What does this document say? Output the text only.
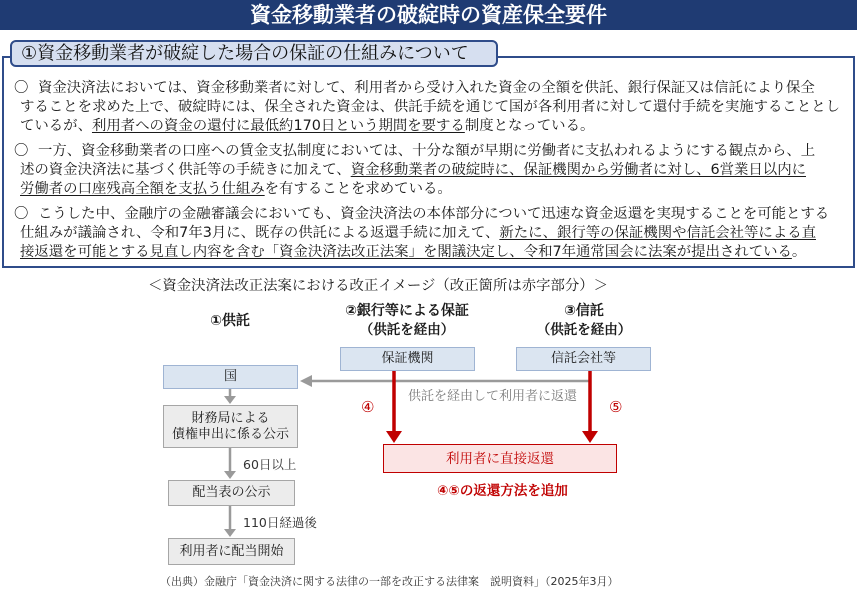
資金移動業者の破綻時の資産保全要件
①資金移動業者が破綻した場合の保証の仕組みについて
〇 資金決済法においては、資金移動業者に対して、利用者から受け入れた資金の全額を供託、銀行保証又は信託により保全
することを求めた上で、破綻時には、保全された資金は、供託手続を通じて国が各利用者に対して還付手続を実施することとし
ているが、利用者への資金の還付に最低約170日という期間を要する制度となっている。
〇 一方、資金移動業者の口座への賃金支払制度においては、十分な額が早期に労働者に支払われるようにする観点から、上
述の資金決済法に基づく供託等の手続きに加えて、資金移動業者の破綻時に、保証機関から労働者に対し、6営業日以内に
労働者の口座残高全額を支払う仕組みを有することを求めている。
〇 こうした中、金融庁の金融審議会においても、資金決済法の本体部分について迅速な資金返還を実現することを可能とする
仕組みが議論され、令和7年3月に、既存の供託による返還手続に加えて、新たに、銀行等の保証機関や信託会社等による直
接返還を可能とする見直し内容を含む「資金決済法改正法案」を閣議決定し、令和7年通常国会に法案が提出されている。
＜資金決済法改正法案における改正イメージ（改正箇所は赤字部分）＞
①供託
②銀行等による保証
（供託を経由）
③信託
（供託を経由）
保証機関	信託会社等
国
財務局による
債権申出に係る公示
配当表の公示
利用者に配当開始
利用者に直接返還
供託を経由して利用者に返還
④	⑤
60日以上
110日経過後
④⑤の返還方法を追加
（出典）金融庁「資金決済に関する法律の一部を改正する法律案　説明資料」（2025年3月）
